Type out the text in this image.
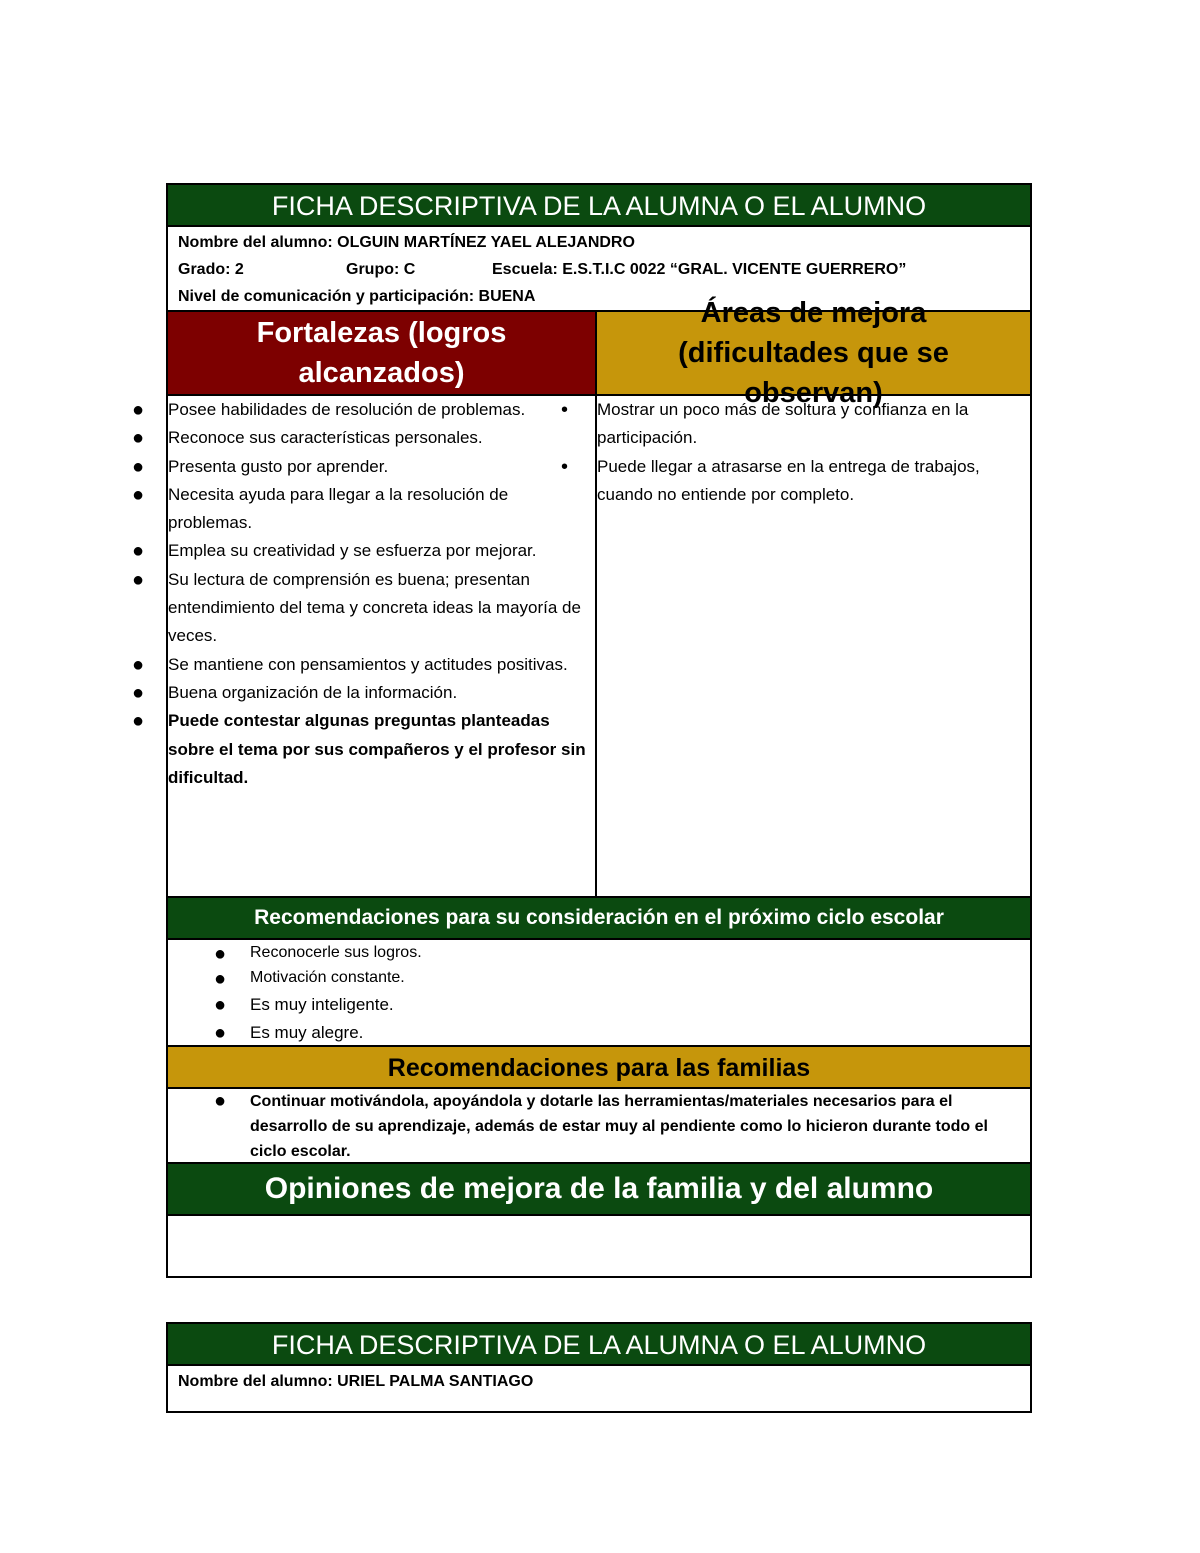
FICHA DESCRIPTIVA DE LA ALUMNA O EL ALUMNO
Nombre del alumno: OLGUIN MARTÍNEZ YAEL ALEJANDRO
Grado: 2	Grupo: C	Escuela: E.S.T.I.C 0022 “GRAL. VICENTE GUERRERO”
Nivel de comunicación y participación: BUENA
Fortalezas (logros alcanzados)
● Posee habilidades de resolución de problemas.
● Reconoce sus características personales.
● Presenta gusto por aprender.
● Necesita ayuda para llegar a la resolución de problemas.
● Emplea su creatividad y se esfuerza por mejorar.
● Su lectura de comprensión es buena; presentan entendimiento del tema y concreta ideas la mayoría de veces.
● Se mantiene con pensamientos y actitudes positivas.
● Buena organización de la información.
● Puede contestar algunas preguntas planteadas sobre el tema por sus compañeros y el profesor sin dificultad.
Áreas de mejora (dificultades que se observan)
• Mostrar un poco más de soltura y confianza en la participación.
• Puede llegar a atrasarse en la entrega de trabajos, cuando no entiende por completo.
Recomendaciones para su consideración en el próximo ciclo escolar
● Reconocerle sus logros.
● Motivación constante.
● Es muy inteligente.
● Es muy alegre.
Recomendaciones para las familias
● Continuar motivándola, apoyándola y dotarle las herramientas/materiales necesarios para el desarrollo de su aprendizaje, además de estar muy al pendiente como lo hicieron durante todo el ciclo escolar.
Opiniones de mejora de la familia y del alumno
FICHA DESCRIPTIVA DE LA ALUMNA O EL ALUMNO
Nombre del alumno: URIEL PALMA SANTIAGO
